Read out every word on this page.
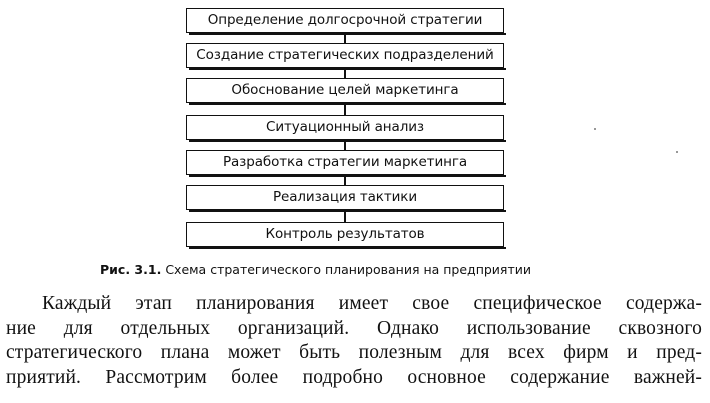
Определение долгосрочной стратегии
Создание стратегических подразделений
Обоснование целей маркетинга
Ситуационный анализ
Разработка стратегии маркетинга
Реализация тактики
Контроль результатов
Рис. 3.1. Схема стратегического планирования на предприятии
Каждый этап планирования имеет свое специфическое содержа-
ние для отдельных организаций. Однако использование сквозного
стратегического плана может быть полезным для всех фирм и пред-
приятий. Рассмотрим более подробно основное содержание важней-
